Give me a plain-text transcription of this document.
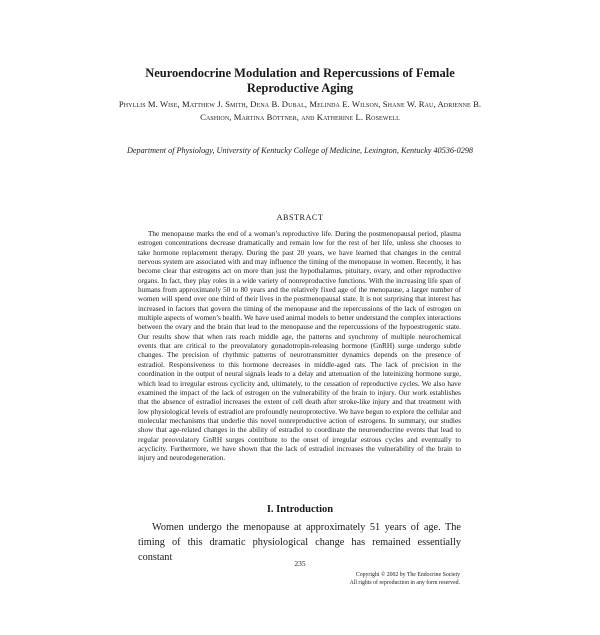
Neuroendocrine Modulation and Repercussions of Female Reproductive Aging
Phyllis M. Wise, Matthew J. Smith, Dena B. Dubal, Melinda E. Wilson, Shane W. Rau, Adrienne B. Cashion, Martina Böttner, and Katherine L. Rosewell
Department of Physiology, University of Kentucky College of Medicine, Lexington, Kentucky 40536-0298
ABSTRACT
The menopause marks the end of a woman’s reproductive life. During the postmenopausal period, plasma estrogen concentrations decrease dramatically and remain low for the rest of her life, unless she chooses to take hormone replacement therapy. During the past 20 years, we have learned that changes in the central nervous system are associated with and may influence the timing of the menopause in women. Recently, it has become clear that estrogens act on more than just the hypothalamus, pituitary, ovary, and other reproductive organs. In fact, they play roles in a wide variety of nonreproductive functions. With the increasing life span of humans from approximately 50 to 80 years and the relatively fixed age of the menopause, a larger number of women will spend over one third of their lives in the postmenopausal state. It is not surprising that interest has increased in factors that govern the timing of the menopause and the repercussions of the lack of estrogen on multiple aspects of women’s health. We have used animal models to better understand the complex interactions between the ovary and the brain that lead to the menopause and the repercussions of the hypoestrogenic state. Our results show that when rats reach middle age, the patterns and synchrony of multiple neurochemical events that are critical to the preovulatory gonadotropin-releasing hormone (GnRH) surge undergo subtle changes. The precision of rhythmic patterns of neurotransmitter dynamics depends on the presence of estradiol. Responsiveness to this hormone decreases in middle-aged rats. The lack of precision in the coordination in the output of neural signals leads to a delay and attenuation of the luteinizing hormone surge, which lead to irregular estrous cyclicity and, ultimately, to the cessation of reproductive cycles. We also have examined the impact of the lack of estrogen on the vulnerability of the brain to injury. Our work establishes that the absence of estradiol increases the extent of cell death after stroke-like injury and that treatment with low physiological levels of estradiol are profoundly neuroprotective. We have begun to explore the cellular and molecular mechanisms that underlie this novel nonreproductive action of estrogens. In summary, our studies show that age-related changes in the ability of estradiol to coordinate the neuroendocrine events that lead to regular preovulatory GnRH surges contribute to the onset of irregular estrous cycles and eventually to acyclicity. Furthermore, we have shown that the lack of estradiol increases the vulnerability of the brain to injury and neurodegeneration.
I. Introduction
Women undergo the menopause at approximately 51 years of age. The timing of this dramatic physiological change has remained essentially constant
235
Copyright © 2002 by The Endocrine Society
All rights of reproduction in any form reserved.
